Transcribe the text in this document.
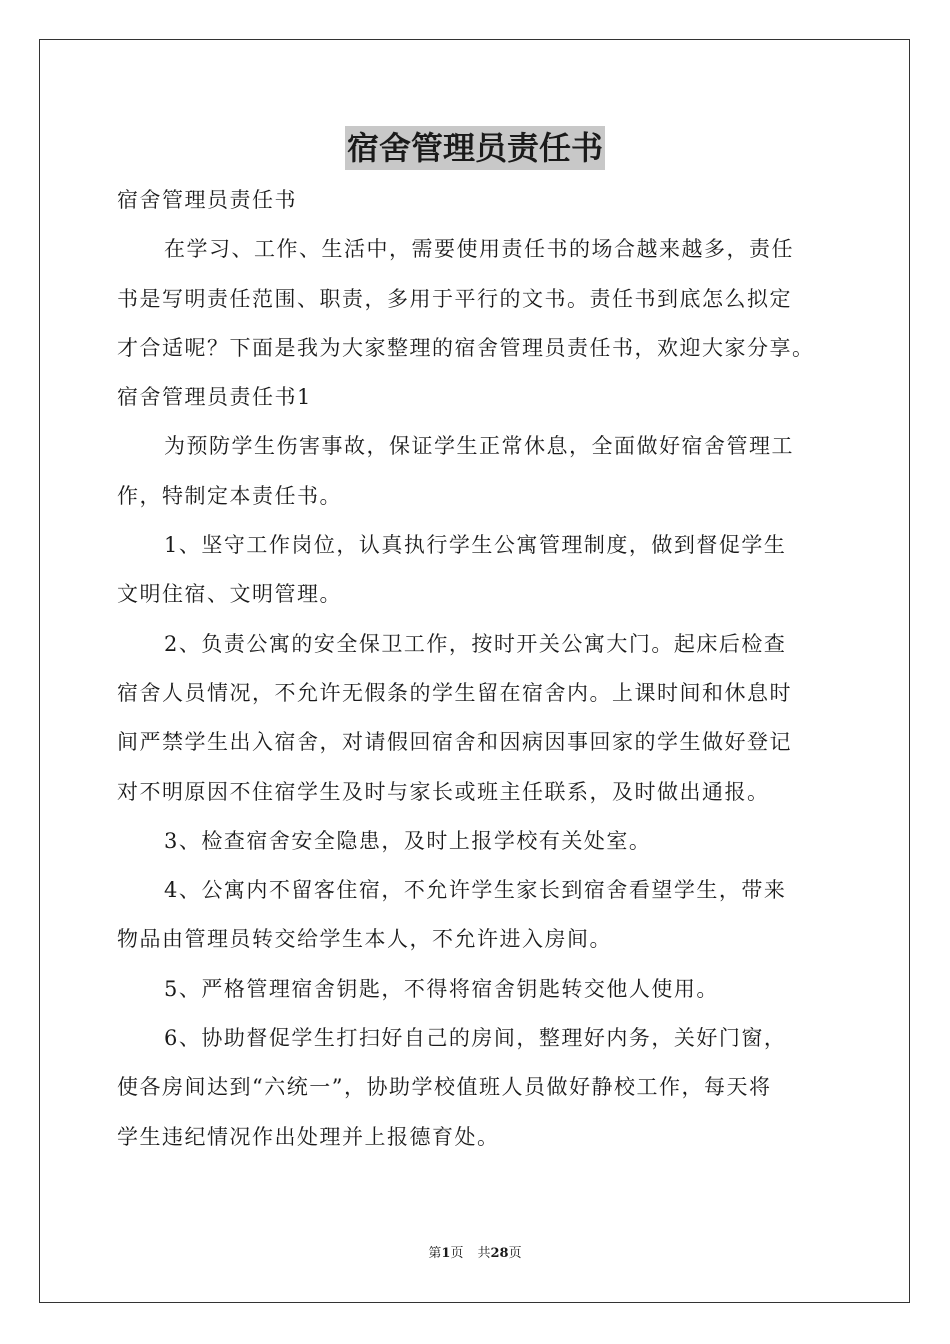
宿舍管理员责任书
宿舍管理员责任书
在学习、工作、生活中，需要使用责任书的场合越来越多，责任
书是写明责任范围、职责，多用于平行的文书。责任书到底怎么拟定
才合适呢？下面是我为大家整理的宿舍管理员责任书，欢迎大家分享。
宿舍管理员责任书1
为预防学生伤害事故，保证学生正常休息，全面做好宿舍管理工
作，特制定本责任书。
1、坚守工作岗位，认真执行学生公寓管理制度，做到督促学生
文明住宿、文明管理。
2、负责公寓的安全保卫工作，按时开关公寓大门。起床后检查
宿舍人员情况，不允许无假条的学生留在宿舍内。上课时间和休息时
间严禁学生出入宿舍，对请假回宿舍和因病因事回家的学生做好登记
对不明原因不住宿学生及时与家长或班主任联系，及时做出通报。
3、检查宿舍安全隐患，及时上报学校有关处室。
4、公寓内不留客住宿，不允许学生家长到宿舍看望学生，带来
物品由管理员转交给学生本人，不允许进入房间。
5、严格管理宿舍钥匙，不得将宿舍钥匙转交他人使用。
6、协助督促学生打扫好自己的房间，整理好内务，关好门窗，
使各房间达到“六统一”，协助学校值班人员做好静校工作，每天将
学生违纪情况作出处理并上报德育处。
第1页 共28页
